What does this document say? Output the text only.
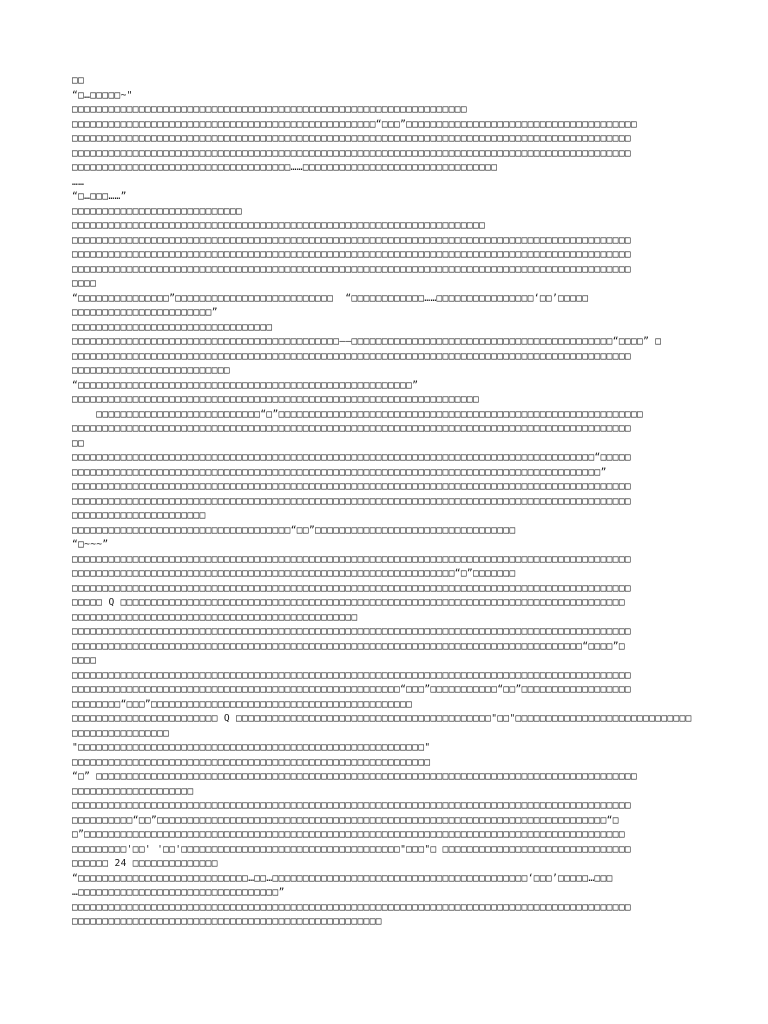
□□
“□…□□□□□~"
□□□□□□□□□□□□□□□□□□□□□□□□□□□□□□□□□□□□□□□□□□□□□□□□□□□□□□□□□□□□□□□□□
□□□□□□□□□□□□□□□□□□□□□□□□□□□□□□□□□□□□□□□□□□□□□□□□□□“□□□”□□□□□□□□□□□□□□□□□□□□□□□□□□□□□□□□□□□□□□
□□□□□□□□□□□□□□□□□□□□□□□□□□□□□□□□□□□□□□□□□□□□□□□□□□□□□□□□□□□□□□□□□□□□□□□□□□□□□□□□□□□□□□□□□□□□
□□□□□□□□□□□□□□□□□□□□□□□□□□□□□□□□□□□□□□□□□□□□□□□□□□□□□□□□□□□□□□□□□□□□□□□□□□□□□□□□□□□□□□□□□□□□
□□□□□□□□□□□□□□□□□□□□□□□□□□□□□□□□□□□□……□□□□□□□□□□□□□□□□□□□□□□□□□□□□□□□□
……
“□…□□□……”
□□□□□□□□□□□□□□□□□□□□□□□□□□□□
□□□□□□□□□□□□□□□□□□□□□□□□□□□□□□□□□□□□□□□□□□□□□□□□□□□□□□□□□□□□□□□□□□□□
□□□□□□□□□□□□□□□□□□□□□□□□□□□□□□□□□□□□□□□□□□□□□□□□□□□□□□□□□□□□□□□□□□□□□□□□□□□□□□□□□□□□□□□□□□□□
□□□□□□□□□□□□□□□□□□□□□□□□□□□□□□□□□□□□□□□□□□□□□□□□□□□□□□□□□□□□□□□□□□□□□□□□□□□□□□□□□□□□□□□□□□□□
□□□□□□□□□□□□□□□□□□□□□□□□□□□□□□□□□□□□□□□□□□□□□□□□□□□□□□□□□□□□□□□□□□□□□□□□□□□□□□□□□□□□□□□□□□□□
□□□□
“□□□□□□□□□□□□□□□”□□□□□□□□□□□□□□□□□□□□□□□□□□  “□□□□□□□□□□□□……□□□□□□□□□□□□□□□□‘□□’□□□□□
□□□□□□□□□□□□□□□□□□□□□□□”
□□□□□□□□□□□□□□□□□□□□□□□□□□□□□□□□□
□□□□□□□□□□□□□□□□□□□□□□□□□□□□□□□□□□□□□□□□□□□□——□□□□□□□□□□□□□□□□□□□□□□□□□□□□□□□□□□□□□□□□□□□“□□□□” □
□□□□□□□□□□□□□□□□□□□□□□□□□□□□□□□□□□□□□□□□□□□□□□□□□□□□□□□□□□□□□□□□□□□□□□□□□□□□□□□□□□□□□□□□□□□□
□□□□□□□□□□□□□□□□□□□□□□□□□□
“□□□□□□□□□□□□□□□□□□□□□□□□□□□□□□□□□□□□□□□□□□□□□□□□□□□□□□□”
□□□□□□□□□□□□□□□□□□□□□□□□□□□□□□□□□□□□□□□□□□□□□□□□□□□□□□□□□□□□□□□□□□□
□□□□□□□□□□□□□□□□□□□□□□□□□□□“□”□□□□□□□□□□□□□□□□□□□□□□□□□□□□□□□□□□□□□□□□□□□□□□□□□□□□□□□□□□□□
□□□□□□□□□□□□□□□□□□□□□□□□□□□□□□□□□□□□□□□□□□□□□□□□□□□□□□□□□□□□□□□□□□□□□□□□□□□□□□□□□□□□□□□□□□□□
□□
□□□□□□□□□□□□□□□□□□□□□□□□□□□□□□□□□□□□□□□□□□□□□□□□□□□□□□□□□□□□□□□□□□□□□□□□□□□□□□□□□□□□□□“□□□□□
□□□□□□□□□□□□□□□□□□□□□□□□□□□□□□□□□□□□□□□□□□□□□□□□□□□□□□□□□□□□□□□□□□□□□□□□□□□□□□□□□□□□□□□”
□□□□□□□□□□□□□□□□□□□□□□□□□□□□□□□□□□□□□□□□□□□□□□□□□□□□□□□□□□□□□□□□□□□□□□□□□□□□□□□□□□□□□□□□□□□□
□□□□□□□□□□□□□□□□□□□□□□□□□□□□□□□□□□□□□□□□□□□□□□□□□□□□□□□□□□□□□□□□□□□□□□□□□□□□□□□□□□□□□□□□□□□□
□□□□□□□□□□□□□□□□□□□□□□
□□□□□□□□□□□□□□□□□□□□□□□□□□□□□□□□□□□□“□□”□□□□□□□□□□□□□□□□□□□□□□□□□□□□□□□□□
“□~~~”
□□□□□□□□□□□□□□□□□□□□□□□□□□□□□□□□□□□□□□□□□□□□□□□□□□□□□□□□□□□□□□□□□□□□□□□□□□□□□□□□□□□□□□□□□□□□
□□□□□□□□□□□□□□□□□□□□□□□□□□□□□□□□□□□□□□□□□□□□□□□□□□□□□□□□□□□□□□□“□”□□□□□□□
□□□□□□□□□□□□□□□□□□□□□□□□□□□□□□□□□□□□□□□□□□□□□□□□□□□□□□□□□□□□□□□□□□□□□□□□□□□□□□□□□□□□□□□□□□□□
□□□□□ Q □□□□□□□□□□□□□□□□□□□□□□□□□□□□□□□□□□□□□□□□□□□□□□□□□□□□□□□□□□□□□□□□□□□□□□□□□□□□□□□□□□□
□□□□□□□□□□□□□□□□□□□□□□□□□□□□□□□□□□□□□□□□□□□□□□□
□□□□□□□□□□□□□□□□□□□□□□□□□□□□□□□□□□□□□□□□□□□□□□□□□□□□□□□□□□□□□□□□□□□□□□□□□□□□□□□□□□□□□□□□□□□□
□□□□□□□□□□□□□□□□□□□□□□□□□□□□□□□□□□□□□□□□□□□□□□□□□□□□□□□□□□□□□□□□□□□□□□□□□□□□□□□□□□□□“□□□□”□
□□□□
□□□□□□□□□□□□□□□□□□□□□□□□□□□□□□□□□□□□□□□□□□□□□□□□□□□□□□□□□□□□□□□□□□□□□□□□□□□□□□□□□□□□□□□□□□□□
□□□□□□□□□□□□□□□□□□□□□□□□□□□□□□□□□□□□□□□□□□□□□□□□□□□□□□“□□□”□□□□□□□□□□□“□□”□□□□□□□□□□□□□□□□□□
□□□□□□□□“□□□”□□□□□□□□□□□□□□□□□□□□□□□□□□□□□□□□□□□□□□□□□□□
□□□□□□□□□□□□□□□□□□□□□□□□ Q □□□□□□□□□□□□□□□□□□□□□□□□□□□□□□□□□□□□□□□□□□"□□"□□□□□□□□□□□□□□□□□□□□□□□□□□□□□
□□□□□□□□□□□□□□□□
"□□□□□□□□□□□□□□□□□□□□□□□□□□□□□□□□□□□□□□□□□□□□□□□□□□□□□□□□□"
□□□□□□□□□□□□□□□□□□□□□□□□□□□□□□□□□□□□□□□□□□□□□□□□□□□□□□□□□□□
“□” □□□□□□□□□□□□□□□□□□□□□□□□□□□□□□□□□□□□□□□□□□□□□□□□□□□□□□□□□□□□□□□□□□□□□□□□□□□□□□□□□□□□□□□□□
□□□□□□□□□□□□□□□□□□□□
□□□□□□□□□□□□□□□□□□□□□□□□□□□□□□□□□□□□□□□□□□□□□□□□□□□□□□□□□□□□□□□□□□□□□□□□□□□□□□□□□□□□□□□□□□□□
□□□□□□□□□□“□□”□□□□□□□□□□□□□□□□□□□□□□□□□□□□□□□□□□□□□□□□□□□□□□□□□□□□□□□□□□□□□□□□□□□□□□□□□□“□
□”□□□□□□□□□□□□□□□□□□□□□□□□□□□□□□□□□□□□□□□□□□□□□□□□□□□□□□□□□□□□□□□□□□□□□□□□□□□□□□□□□□□□□□□□□
□□□□□□□□□'□□' '□□'□□□□□□□□□□□□□□□□□□□□□□□□□□□□□□□□□□□□"□□□"□ □□□□□□□□□□□□□□□□□□□□□□□□□□□□□□□
□□□□□□ 24 □□□□□□□□□□□□□□
“□□□□□□□□□□□□□□□□□□□□□□□□□□□□…□□…□□□□□□□□□□□□□□□□□□□□□□□□□□□□□□□□□□□□□□□□□□‘□□□’□□□□□…□□□
…□□□□□□□□□□□□□□□□□□□□□□□□□□□□□□□□□”
□□□□□□□□□□□□□□□□□□□□□□□□□□□□□□□□□□□□□□□□□□□□□□□□□□□□□□□□□□□□□□□□□□□□□□□□□□□□□□□□□□□□□□□□□□□□
□□□□□□□□□□□□□□□□□□□□□□□□□□□□□□□□□□□□□□□□□□□□□□□□□□□
